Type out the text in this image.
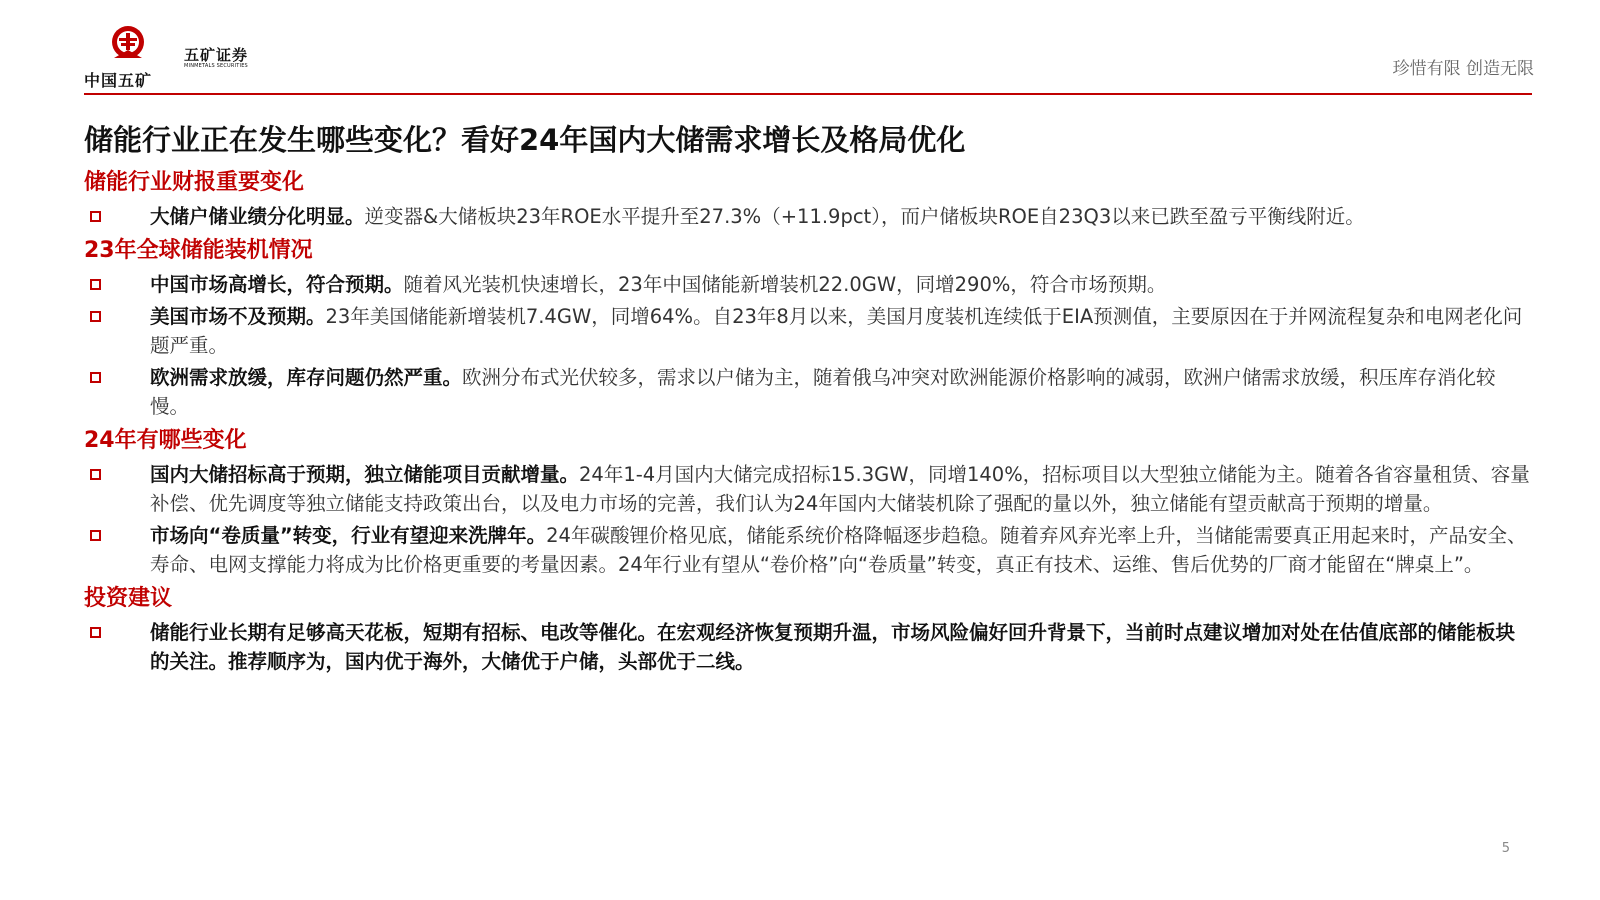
中国五矿
五矿证券
MINMETALS SECURITIES	珍惜有限 创造无限
储能行业正在发生哪些变化？看好24年国内大储需求增长及格局优化
储能行业财报重要变化
大储户储业绩分化明显。逆变器&大储板块23年ROE水平提升至27.3%（+11.9pct），而户储板块ROE自23Q3以来已跌至盈亏平衡线附近。
23年全球储能装机情况
中国市场高增长，符合预期。随着风光装机快速增长，23年中国储能新增装机22.0GW，同增290%，符合市场预期。
美国市场不及预期。23年美国储能新增装机7.4GW，同增64%。自23年8月以来，美国月度装机连续低于EIA预测值，主要原因在于并网流程复杂和电网老化问题严重。
欧洲需求放缓，库存问题仍然严重。欧洲分布式光伏较多，需求以户储为主，随着俄乌冲突对欧洲能源价格影响的减弱，欧洲户储需求放缓，积压库存消化较慢。
24年有哪些变化
国内大储招标高于预期，独立储能项目贡献增量。24年1-4月国内大储完成招标15.3GW，同增140%，招标项目以大型独立储能为主。随着各省容量租赁、容量补偿、优先调度等独立储能支持政策出台，以及电力市场的完善，我们认为24年国内大储装机除了强配的量以外，独立储能有望贡献高于预期的增量。
市场向“卷质量”转变，行业有望迎来洗牌年。24年碳酸锂价格见底，储能系统价格降幅逐步趋稳。随着弃风弃光率上升，当储能需要真正用起来时，产品安全、寿命、电网支撑能力将成为比价格更重要的考量因素。24年行业有望从“卷价格”向“卷质量”转变，真正有技术、运维、售后优势的厂商才能留在“牌桌上”。
投资建议
储能行业长期有足够高天花板，短期有招标、电改等催化。在宏观经济恢复预期升温，市场风险偏好回升背景下，当前时点建议增加对处在估值底部的储能板块的关注。推荐顺序为，国内优于海外，大储优于户储，头部优于二线。
5
